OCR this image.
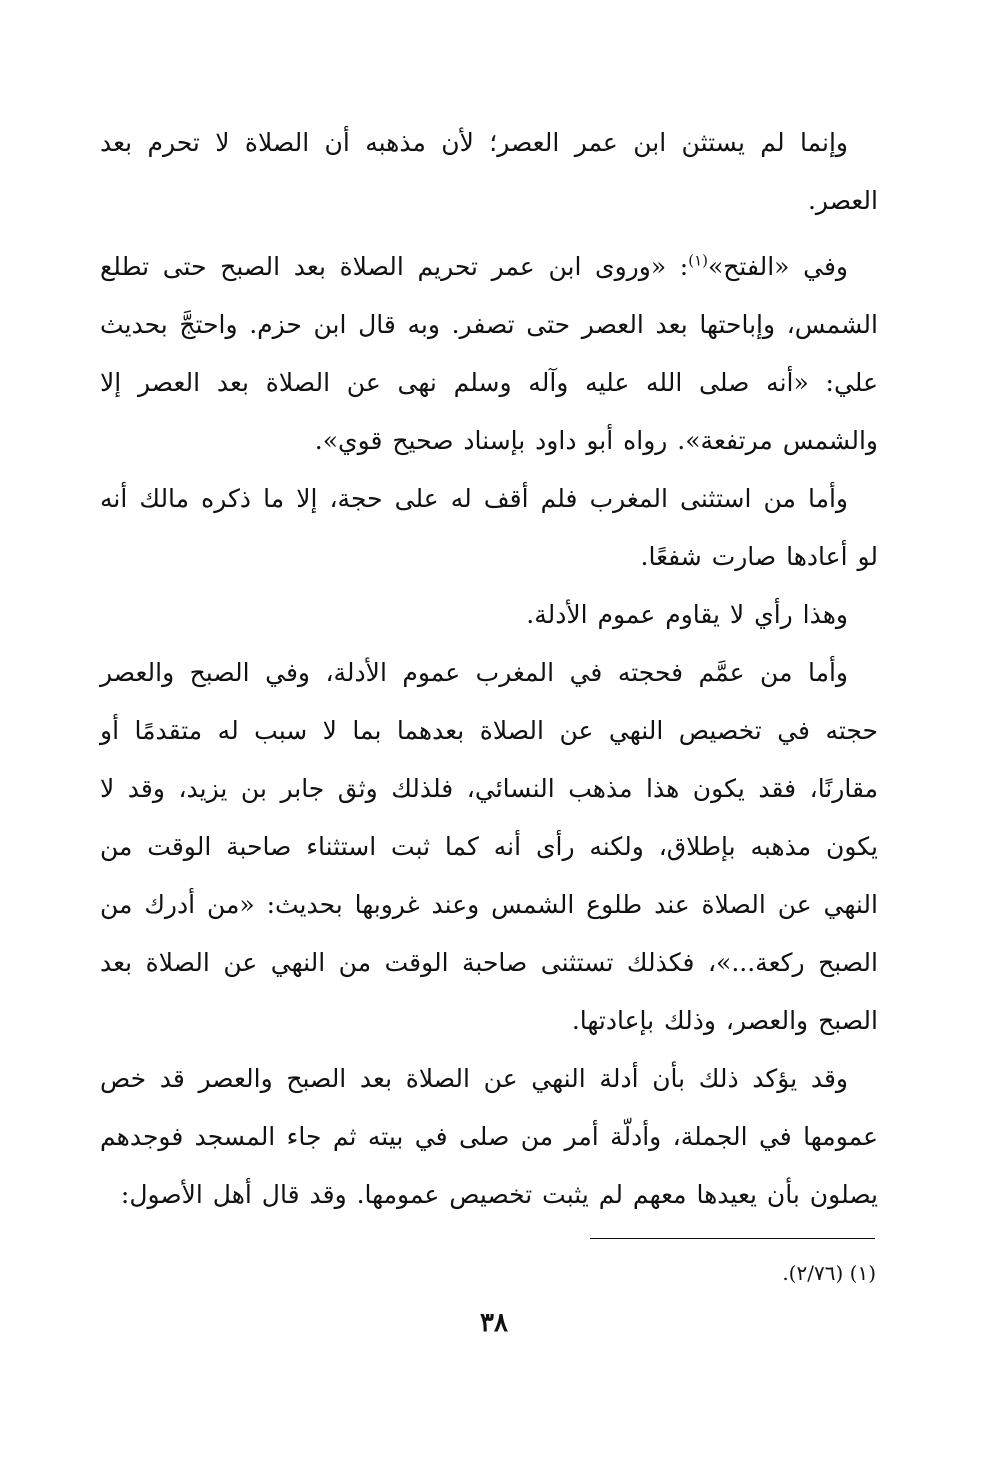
وإنما لم يستثن ابن عمر العصر؛ لأن مذهبه أن الصلاة لا تحرم بعد العصر.

وفي «الفتح»$^{(١)}$: «وروى ابن عمر تحريم الصلاة بعد الصبح حتى تطلع الشمس، وإباحتها بعد العصر حتى تصفر. وبه قال ابن حزم. واحتجَّ بحديث علي: «أنه صلى الله عليه وآله وسلم نهى عن الصلاة بعد العصر إلا والشمس مرتفعة». رواه أبو داود بإسناد صحيح قوي».

وأما من استثنى المغرب فلم أقف له على حجة، إلا ما ذكره مالك أنه لو أعادها صارت شفعًا.

وهذا رأي لا يقاوم عموم الأدلة.

وأما من عمَّم فحجته في المغرب عموم الأدلة، وفي الصبح والعصر حجته في تخصيص النهي عن الصلاة بعدهما بما لا سبب له متقدمًا أو مقارنًا، فقد يكون هذا مذهب النسائي، فلذلك وثق جابر بن يزيد، وقد لا يكون مذهبه بإطلاق، ولكنه رأى أنه كما ثبت استثناء صاحبة الوقت من النهي عن الصلاة عند طلوع الشمس وعند غروبها بحديث: «من أدرك من الصبح ركعة...»، فكذلك تستثنى صاحبة الوقت من النهي عن الصلاة بعد الصبح والعصر، وذلك بإعادتها.

وقد يؤكد ذلك بأن أدلة النهي عن الصلاة بعد الصبح والعصر قد خص عمومها في الجملة، وأدلّة أمر من صلى في بيته ثم جاء المسجد فوجدهم يصلون بأن يعيدها معهم لم يثبت تخصيص عمومها. وقد قال أهل الأصول:

(١) (٢/٧٦).
٣٨
